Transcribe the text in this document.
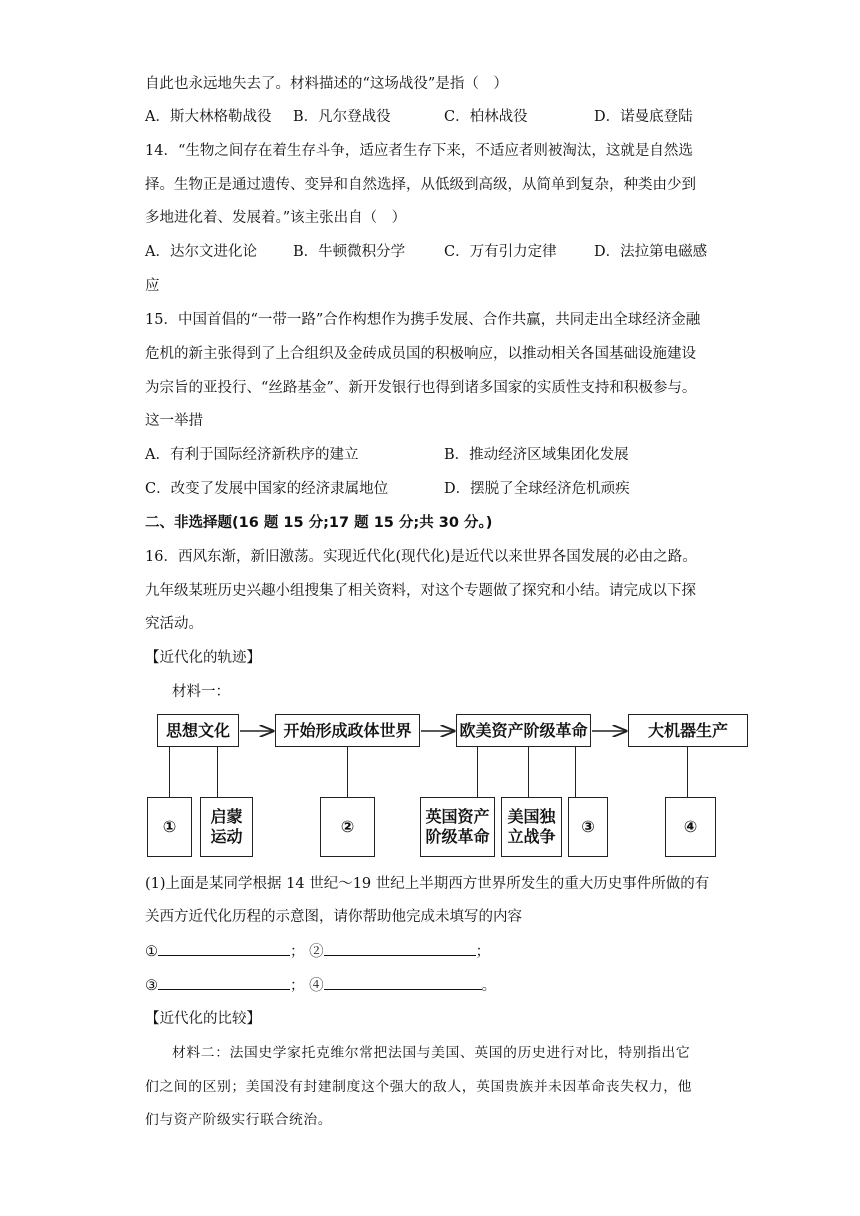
自此也永远地失去了。材料描述的“这场战役”是指（　）
A．斯大林格勒战役 B．凡尔登战役	C．柏林战役	D．诺曼底登陆
14．“生物之间存在着生存斗争，适应者生存下来，不适应者则被淘汰，这就是自然选
择。生物正是通过遗传、变异和自然选择，从低级到高级，从简单到复杂，种类由少到
多地进化着、发展着。”该主张出自（　）
A．达尔文进化论 B．牛顿微积分学	C．万有引力定律	D．法拉第电磁感
应
15．中国首倡的“一带一路”合作构想作为携手发展、合作共赢，共同走出全球经济金融
危机的新主张得到了上合组织及金砖成员国的积极响应，以推动相关各国基础设施建设
为宗旨的亚投行、“丝路基金”、新开发银行也得到诸多国家的实质性支持和积极参与。
这一举措
A．有利于国际经济新秩序的建立	B．推动经济区域集团化发展
C．改变了发展中国家的经济隶属地位	D．摆脱了全球经济危机顽疾
二、非选择题(16 题 15 分;17 题 15 分;共 30 分。)
16．西风东渐，新旧激荡。实现近代化(现代化)是近代以来世界各国发展的必由之路。
九年级某班历史兴趣小组搜集了相关资料，对这个专题做了探究和小结。请完成以下探
究活动。
【近代化的轨迹】
材料一：
思想文化	开始形成政体世界	欧美资产阶级革命	大机器生产
①
启蒙
运动
②
英国资产
阶级革命
美国独
立战争
③	④
(1)上面是某同学根据 14 世纪～19 世纪上半期西方世界所发生的重大历史事件所做的有
关西方近代化历程的示意图，请你帮助他完成未填写的内容
①	； ②	；
③	； ④	。
【近代化的比较】
材料二：法国史学家托克维尔常把法国与美国、英国的历史进行对比，特别指出它
们之间的区别；美国没有封建制度这个强大的敌人，英国贵族并未因革命丧失权力，他
们与资产阶级实行联合统治。
